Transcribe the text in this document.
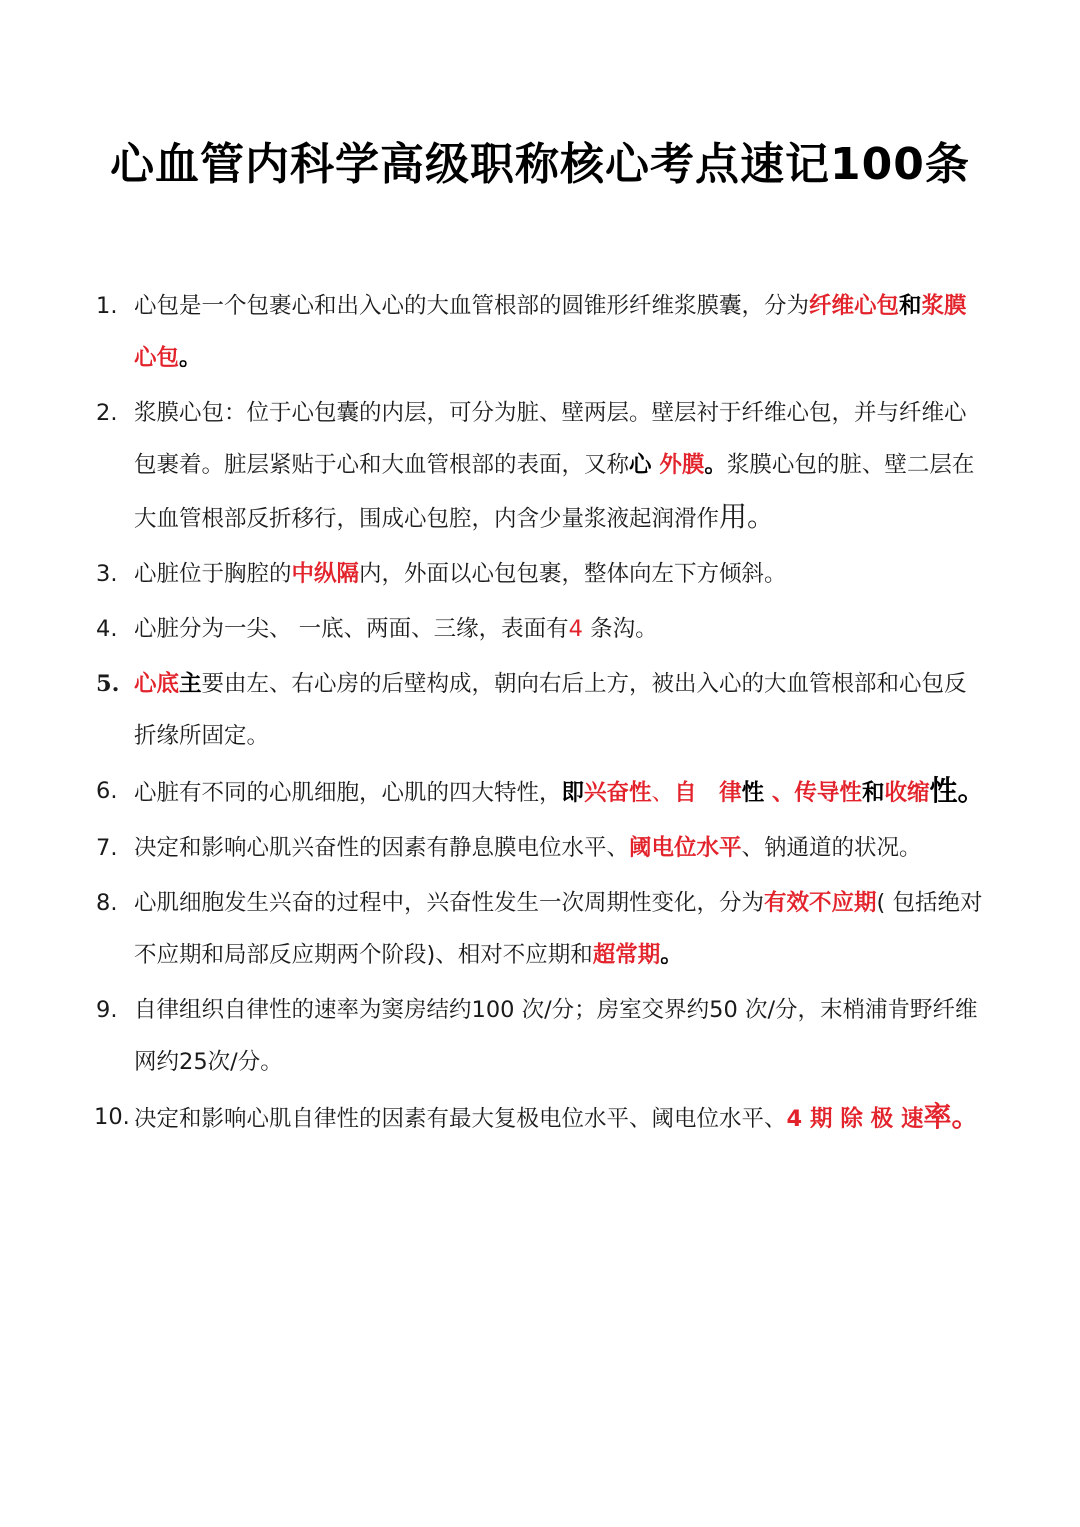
心血管内科学高级职称核心考点速记100条
1. 心包是一个包裹心和出入心的大血管根部的圆锥形纤维浆膜囊，分为纤维心包和浆膜心包。
2. 浆膜心包：位于心包囊的内层，可分为脏、壁两层。壁层衬于纤维心包，并与纤维心包裹着。脏层紧贴于心和大血管根部的表面，又称心 外膜。浆膜心包的脏、壁二层在大血管根部反折移行，围成心包腔，内含少量浆液起润滑作用。
3. 心脏位于胸腔的中纵隔内，外面以心包包裹，整体向左下方倾斜。
4. 心脏分为一尖、 一底、两面、三缘，表面有4 条沟。
5. 心底主要由左、右心房的后壁构成，朝向右后上方，被出入心的大血管根部和心包反折缘所固定。
6. 心脏有不同的心肌细胞，心肌的四大特性，即兴奋性、自　律性 、传导性和收缩性。
7. 决定和影响心肌兴奋性的因素有静息膜电位水平、阈电位水平、钠通道的状况。
8. 心肌细胞发生兴奋的过程中，兴奋性发生一次周期性变化，分为有效不应期( 包括绝对不应期和局部反应期两个阶段)、相对不应期和超常期。
9. 自律组织自律性的速率为窦房结约100 次/分；房室交界约50 次/分，末梢浦肯野纤维网约25次/分。
10. 决定和影响心肌自律性的因素有最大复极电位水平、阈电位水平、4 期 除 极 速率。
